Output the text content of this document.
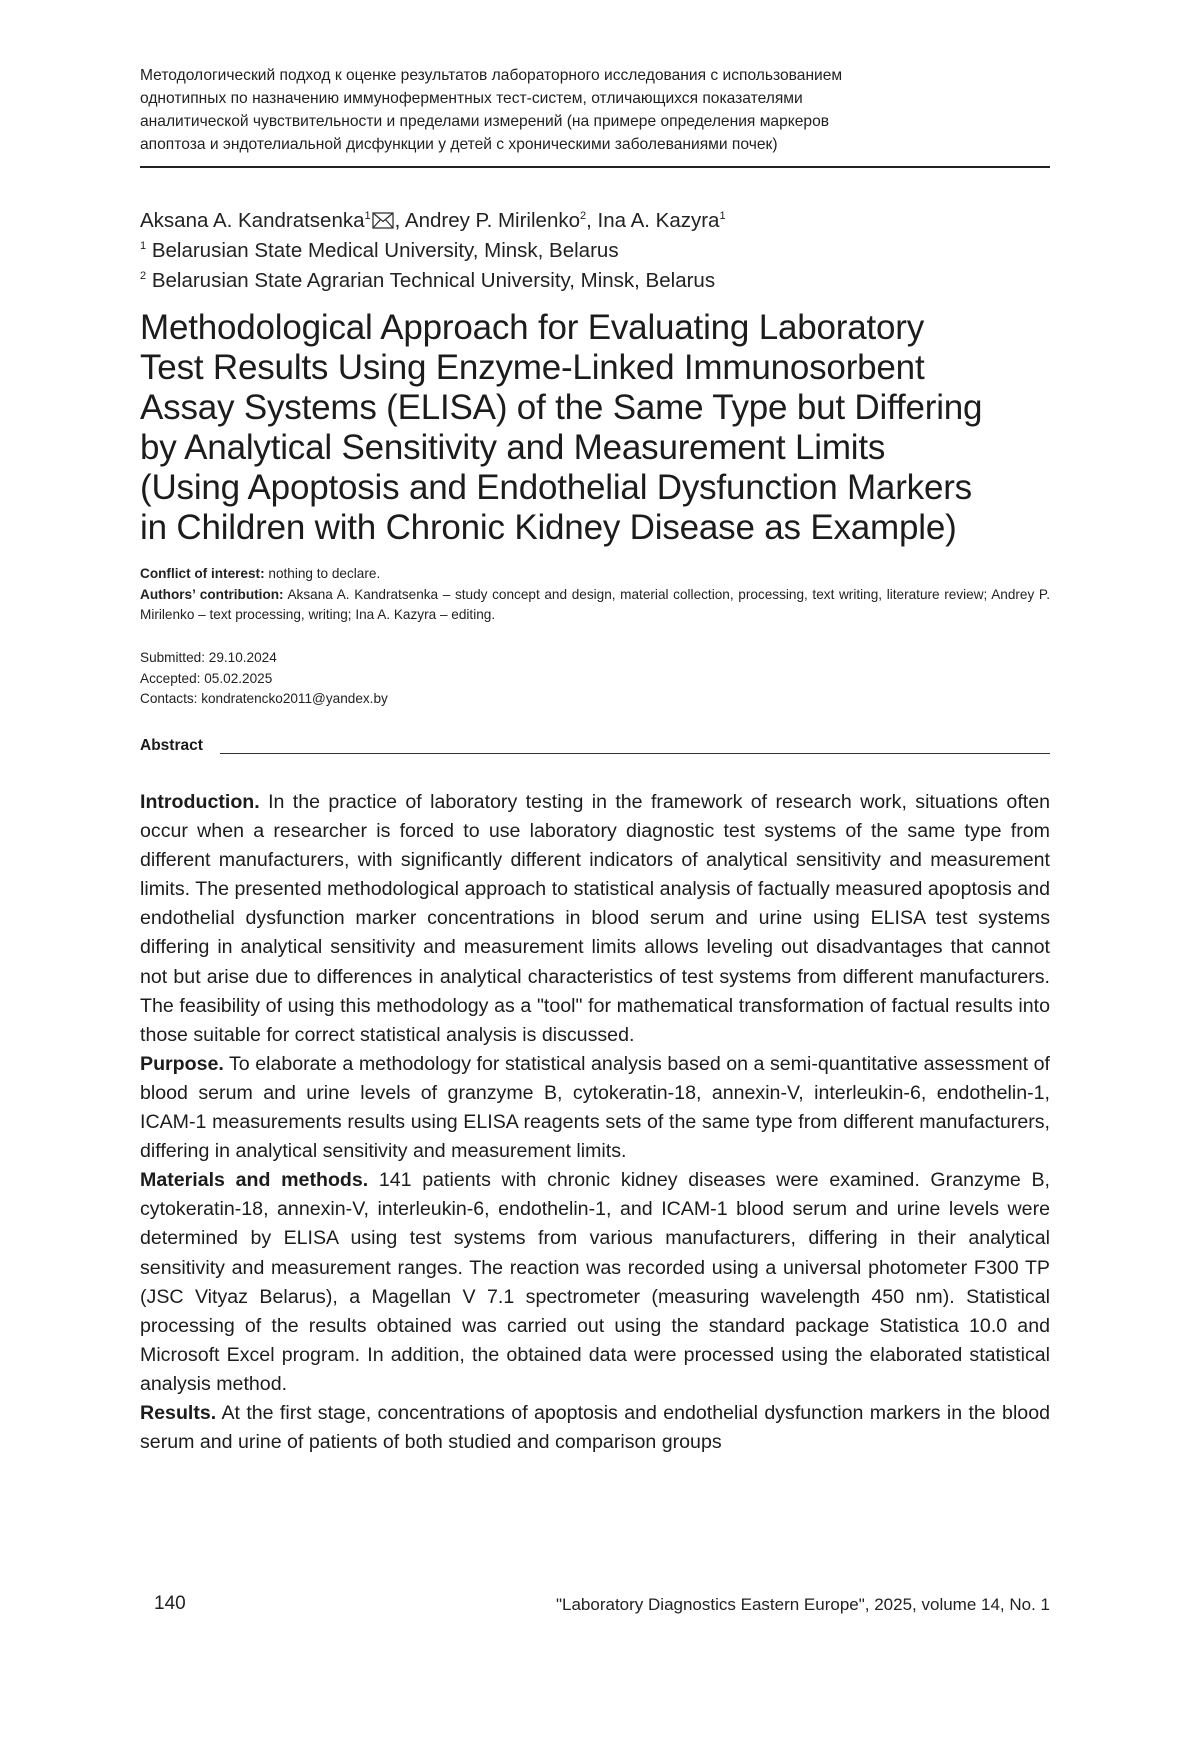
Методологический подход к оценке результатов лабораторного исследования с использованием
однотипных по назначению иммуноферментных тест-систем, отличающихся показателями
аналитической чувствительности и пределами измерений (на примере определения маркеров
апоптоза и эндотелиальной дисфункции у детей с хроническими заболеваниями почек)
Aksana A. Kandratsenka1 , Andrey P. Mirilenko2, Ina A. Kazyra1
1 Belarusian State Medical University, Minsk, Belarus
2 Belarusian State Agrarian Technical University, Minsk, Belarus
Methodological Approach for Evaluating Laboratory
Test Results Using Enzyme-Linked Immunosorbent
Assay Systems (ELISA) of the Same Type but Differing
by Analytical Sensitivity and Measurement Limits
(Using Apoptosis and Endothelial Dysfunction Markers
in Children with Chronic Kidney Disease as Example)
Conflict of interest: nothing to declare.
Authors’ contribution: Aksana A. Kandratsenka – study concept and design, material collection, processing, text writing, literature review; Andrey P. Mirilenko – text processing, writing; Ina A. Kazyra – editing.
Submitted: 29.10.2024
Accepted: 05.02.2025
Contacts: kondratencko2011@yandex.by
Abstract

Introduction. In the practice of laboratory testing in the framework of research work, situations often occur when a researcher is forced to use laboratory diagnostic test systems of the same type from different manufacturers, with significantly different indicators of analytical sensitivity and measurement limits. The presented methodological approach to statistical analysis of factually measured apoptosis and endothelial dysfunction marker concentrations in blood serum and urine using ELISA test systems differing in analytical sensitivity and measurement limits allows leveling out disadvantages that cannot not but arise due to differences in analytical characteristics of test systems from different manufacturers. The feasibility of using this methodology as a "tool" for mathematical transformation of factual results into those suitable for correct statistical analysis is discussed.

Purpose. To elaborate a methodology for statistical analysis based on a semi-quantitative assessment of blood serum and urine levels of granzyme B, cytokeratin-18, annexin-V, interleukin-6, endothelin-1, ICAM-1 measurements results using ELISA reagents sets of the same type from different manufacturers, differing in analytical sensitivity and measurement limits.

Materials and methods. 141 patients with chronic kidney diseases were examined. Granzyme B, cytokeratin-18, annexin-V, interleukin-6, endothelin-1, and ICAM-1 blood serum and urine levels were determined by ELISA using test systems from various manufacturers, differing in their analytical sensitivity and measurement ranges. The reaction was recorded using a universal photometer F300 TP (JSC Vityaz Belarus), a Magellan V 7.1 spectrometer (measuring wavelength 450 nm). Statistical processing of the results obtained was carried out using the standard package Statistica 10.0 and Microsoft Excel program. In addition, the obtained data were processed using the elaborated statistical analysis method.

Results. At the first stage, concentrations of apoptosis and endothelial dysfunction markers in the blood serum and urine of patients of both studied and comparison groups

140	"Laboratory Diagnostics Eastern Europe", 2025, volume 14, No. 1
